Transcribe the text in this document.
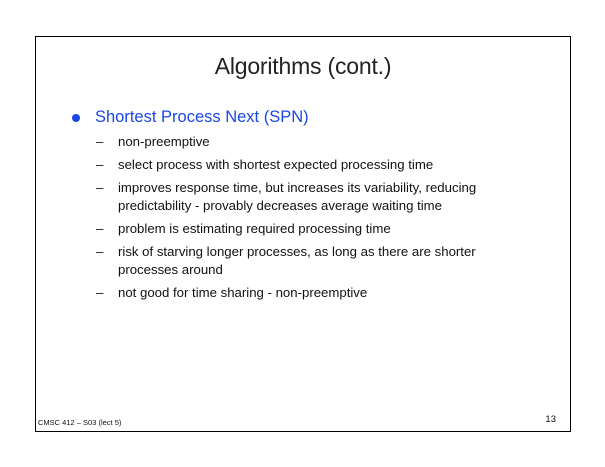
Algorithms (cont.)
Shortest Process Next (SPN)
– non-preemptive
– select process with shortest expected processing time
– improves response time, but increases its variability, reducing predictability - provably decreases average waiting time
– problem is estimating required processing time
– risk of starving longer processes, as long as there are shorter processes around
– not good for time sharing - non-preemptive
CMSC 412 – S03 (lect 5)	13
